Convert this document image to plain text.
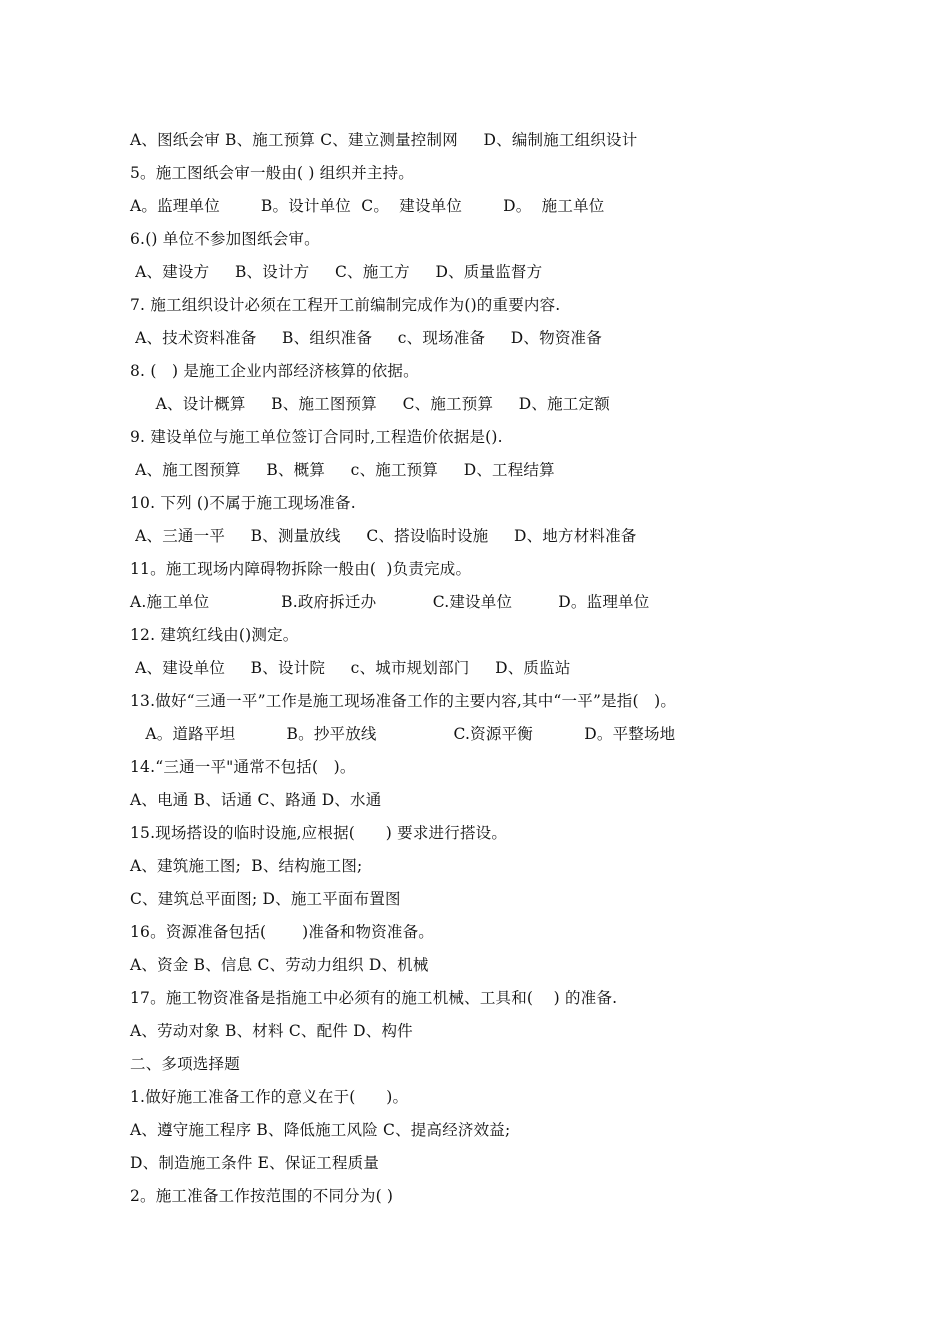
A、图纸会审 B、施工预算 C、建立测量控制网     D、编制施工组织设计
5。施工图纸会审一般由( ) 组织并主持。
A。监理单位        B。设计单位  C。  建设单位        D。  施工单位
6.() 单位不参加图纸会审。
A、建设方     B、设计方     C、施工方     D、质量监督方
7. 施工组织设计必须在工程开工前编制完成作为()的重要内容.
A、技术资料准备     B、组织准备     c、现场准备     D、物资准备
8. (   ) 是施工企业内部经济核算的依据。
A、设计概算     B、施工图预算     C、施工预算     D、施工定额
9. 建设单位与施工单位签订合同时,工程造价依据是().
A、施工图预算     B、概算     c、施工预算     D、工程结算
10. 下列 ()不属于施工现场准备.
A、三通一平     B、测量放线     C、搭设临时设施     D、地方材料准备
11。施工现场内障碍物拆除一般由(  )负责完成。
A.施工单位              B.政府拆迁办           C.建设单位         D。监理单位
12. 建筑红线由()测定。
A、建设单位     B、设计院     c、城市规划部门     D、质监站
13.做好“三通一平”工作是施工现场准备工作的主要内容,其中“一平”是指(   )。
A。道路平坦          B。抄平放线               C.资源平衡          D。平整场地
14.“三通一平"通常不包括(   )。
A、电通 B、话通 C、路通 D、水通
15.现场搭设的临时设施,应根据(      ) 要求进行搭设。
A、建筑施工图;  B、结构施工图;
C、建筑总平面图; D、施工平面布置图
16。资源准备包括(       )准备和物资准备。
A、资金 B、信息 C、劳动力组织 D、机械
17。施工物资准备是指施工中必须有的施工机械、工具和(    ) 的准备.
A、劳动对象 B、材料 C、配件 D、构件
二、多项选择题
1.做好施工准备工作的意义在于(      )。
A、遵守施工程序 B、降低施工风险 C、提高经济效益;
D、制造施工条件 E、保证工程质量
2。施工准备工作按范围的不同分为( )
